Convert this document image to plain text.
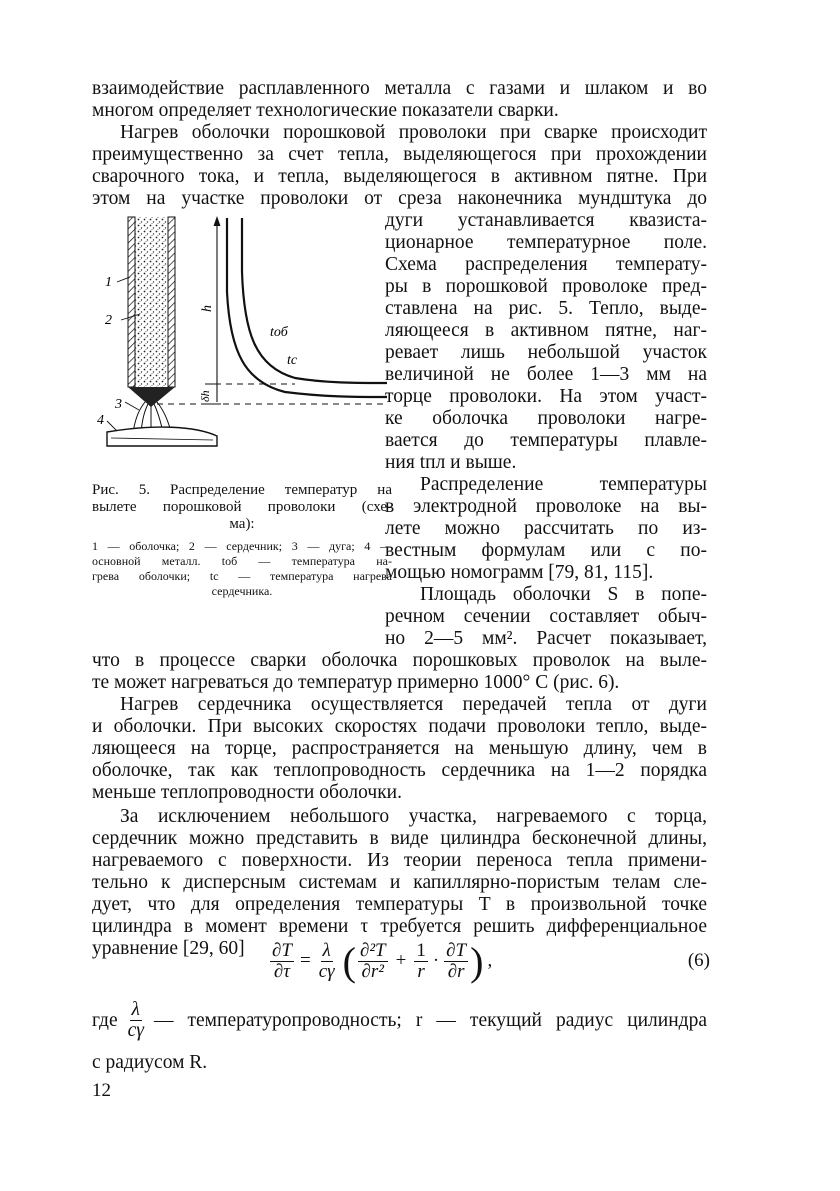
взаимодействие расплавленного металла с газами и шлаком и во
многом определяет технологические показатели сварки.
Нагрев оболочки порошковой проволоки при сварке происходит
преимущественно за счет тепла, выделяющегося при прохождении
сварочного тока, и тепла, выделяющегося в активном пятне. При
этом на участке проволоки от среза наконечника мундштука до
дуги устанавливается квазиста-
ционарное температурное поле.
Схема распределения температу-
ры в порошковой проволоке пред-
ставлена на рис. 5. Тепло, выде-
ляющееся в активном пятне, наг-
ревает лишь небольшой участок
величиной не более 1—3 мм на
торце проволоки. На этом участ-
ке оболочка проволоки нагре-
вается до температуры плавле-
ния tпл и выше.
Распределение температуры
в электродной проволоке на вы-
лете можно рассчитать по из-
вестным формулам или с по-
мощью номограмм [79, 81, 115].
Площадь оболочки S в попе-
речном сечении составляет обыч-
но 2—5 мм². Расчет показывает,
1
2
3
4
h
δh
tоб
tс
Рис. 5. Распределение температур на
вылете порошковой проволоки (схе-
ма):
1 — оболочка; 2 — сердечник; 3 — дуга; 4 —
основной металл. tоб — температура на-
грева оболочки; tс — температура нагрева
сердечника.
что в процессе сварки оболочка порошковых проволок на выле-
те может нагреваться до температур примерно 1000° С (рис. 6).
Нагрев сердечника осуществляется передачей тепла от дуги
и оболочки. При высоких скоростях подачи проволоки тепло, выде-
ляющееся на торце, распространяется на меньшую длину, чем в
оболочке, так как теплопроводность сердечника на 1—2 порядка
меньше теплопроводности оболочки.
За исключением небольшого участка, нагреваемого с торца,
сердечник можно представить в виде цилиндра бесконечной длины,
нагреваемого с поверхности. Из теории переноса тепла примени-
тельно к дисперсным системам и капиллярно-пористым телам сле-
дует, что для определения температуры T в произвольной точке
цилиндра в момент времени τ требуется решить дифференциальное
уравнение [29, 60]	$\frac{\partial T}{\partial\tau} = \frac{\lambda}{c\gamma}$ ( $\frac{\text{∂²T}}{\text{∂r²}} + \frac{1}{r} \cdot \frac{\partial T}{\partial r}$ ) ,	(6)
где $\frac{\lambda}{c\gamma}$ — температуропроводность; r — текущий радиус цилиндра
с радиусом R.
12
